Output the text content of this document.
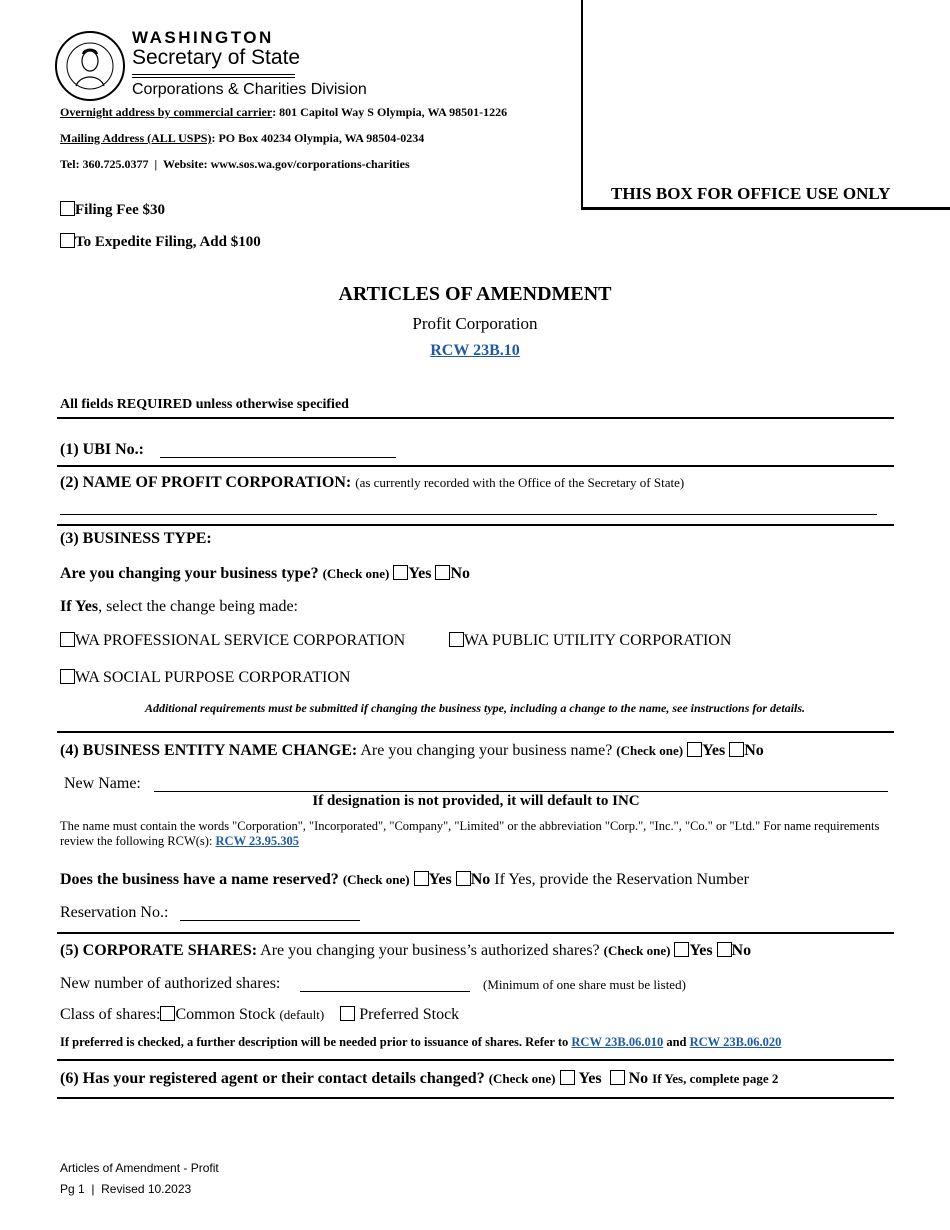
WASHINGTON
Secretary of State
Corporations & Charities Division
Overnight address by commercial carrier: 801 Capitol Way S Olympia, WA 98501-1226
Mailing Address (ALL USPS): PO Box 40234 Olympia, WA 98504-0234
Tel: 360.725.0377  |  Website: www.sos.wa.gov/corporations-charities
THIS BOX FOR OFFICE USE ONLY
Filing Fee $30
To Expedite Filing, Add $100
ARTICLES OF AMENDMENT
Profit Corporation
RCW 23B.10
All fields REQUIRED unless otherwise specified
(1) UBI No.:
(2) NAME OF PROFIT CORPORATION: (as currently recorded with the Office of the Secretary of State)
(3) BUSINESS TYPE:
Are you changing your business type? (Check one) Yes No
If Yes, select the change being made:
WA PROFESSIONAL SERVICE CORPORATION	WA PUBLIC UTILITY CORPORATION
WA SOCIAL PURPOSE CORPORATION
Additional requirements must be submitted if changing the business type, including a change to the name, see instructions for details.
(4) BUSINESS ENTITY NAME CHANGE: Are you changing your business name? (Check one) Yes No
New Name:
If designation is not provided, it will default to INC
The name must contain the words "Corporation", "Incorporated", "Company", "Limited" or the abbreviation "Corp.", "Inc.", "Co." or "Ltd." For name requirements review the following RCW(s): RCW 23.95.305
Does the business have a name reserved? (Check one) Yes No If Yes, provide the Reservation Number
Reservation No.:
(5) CORPORATE SHARES: Are you changing your business’s authorized shares? (Check one) Yes No
New number of authorized shares:	(Minimum of one share must be listed)
Class of shares: Common Stock (default) Preferred Stock
If preferred is checked, a further description will be needed prior to issuance of shares. Refer to RCW 23B.06.010 and RCW 23B.06.020
(6) Has your registered agent or their contact details changed? (Check one) Yes No If Yes, complete page 2
Articles of Amendment - Profit
Pg 1  |  Revised 10.2023
